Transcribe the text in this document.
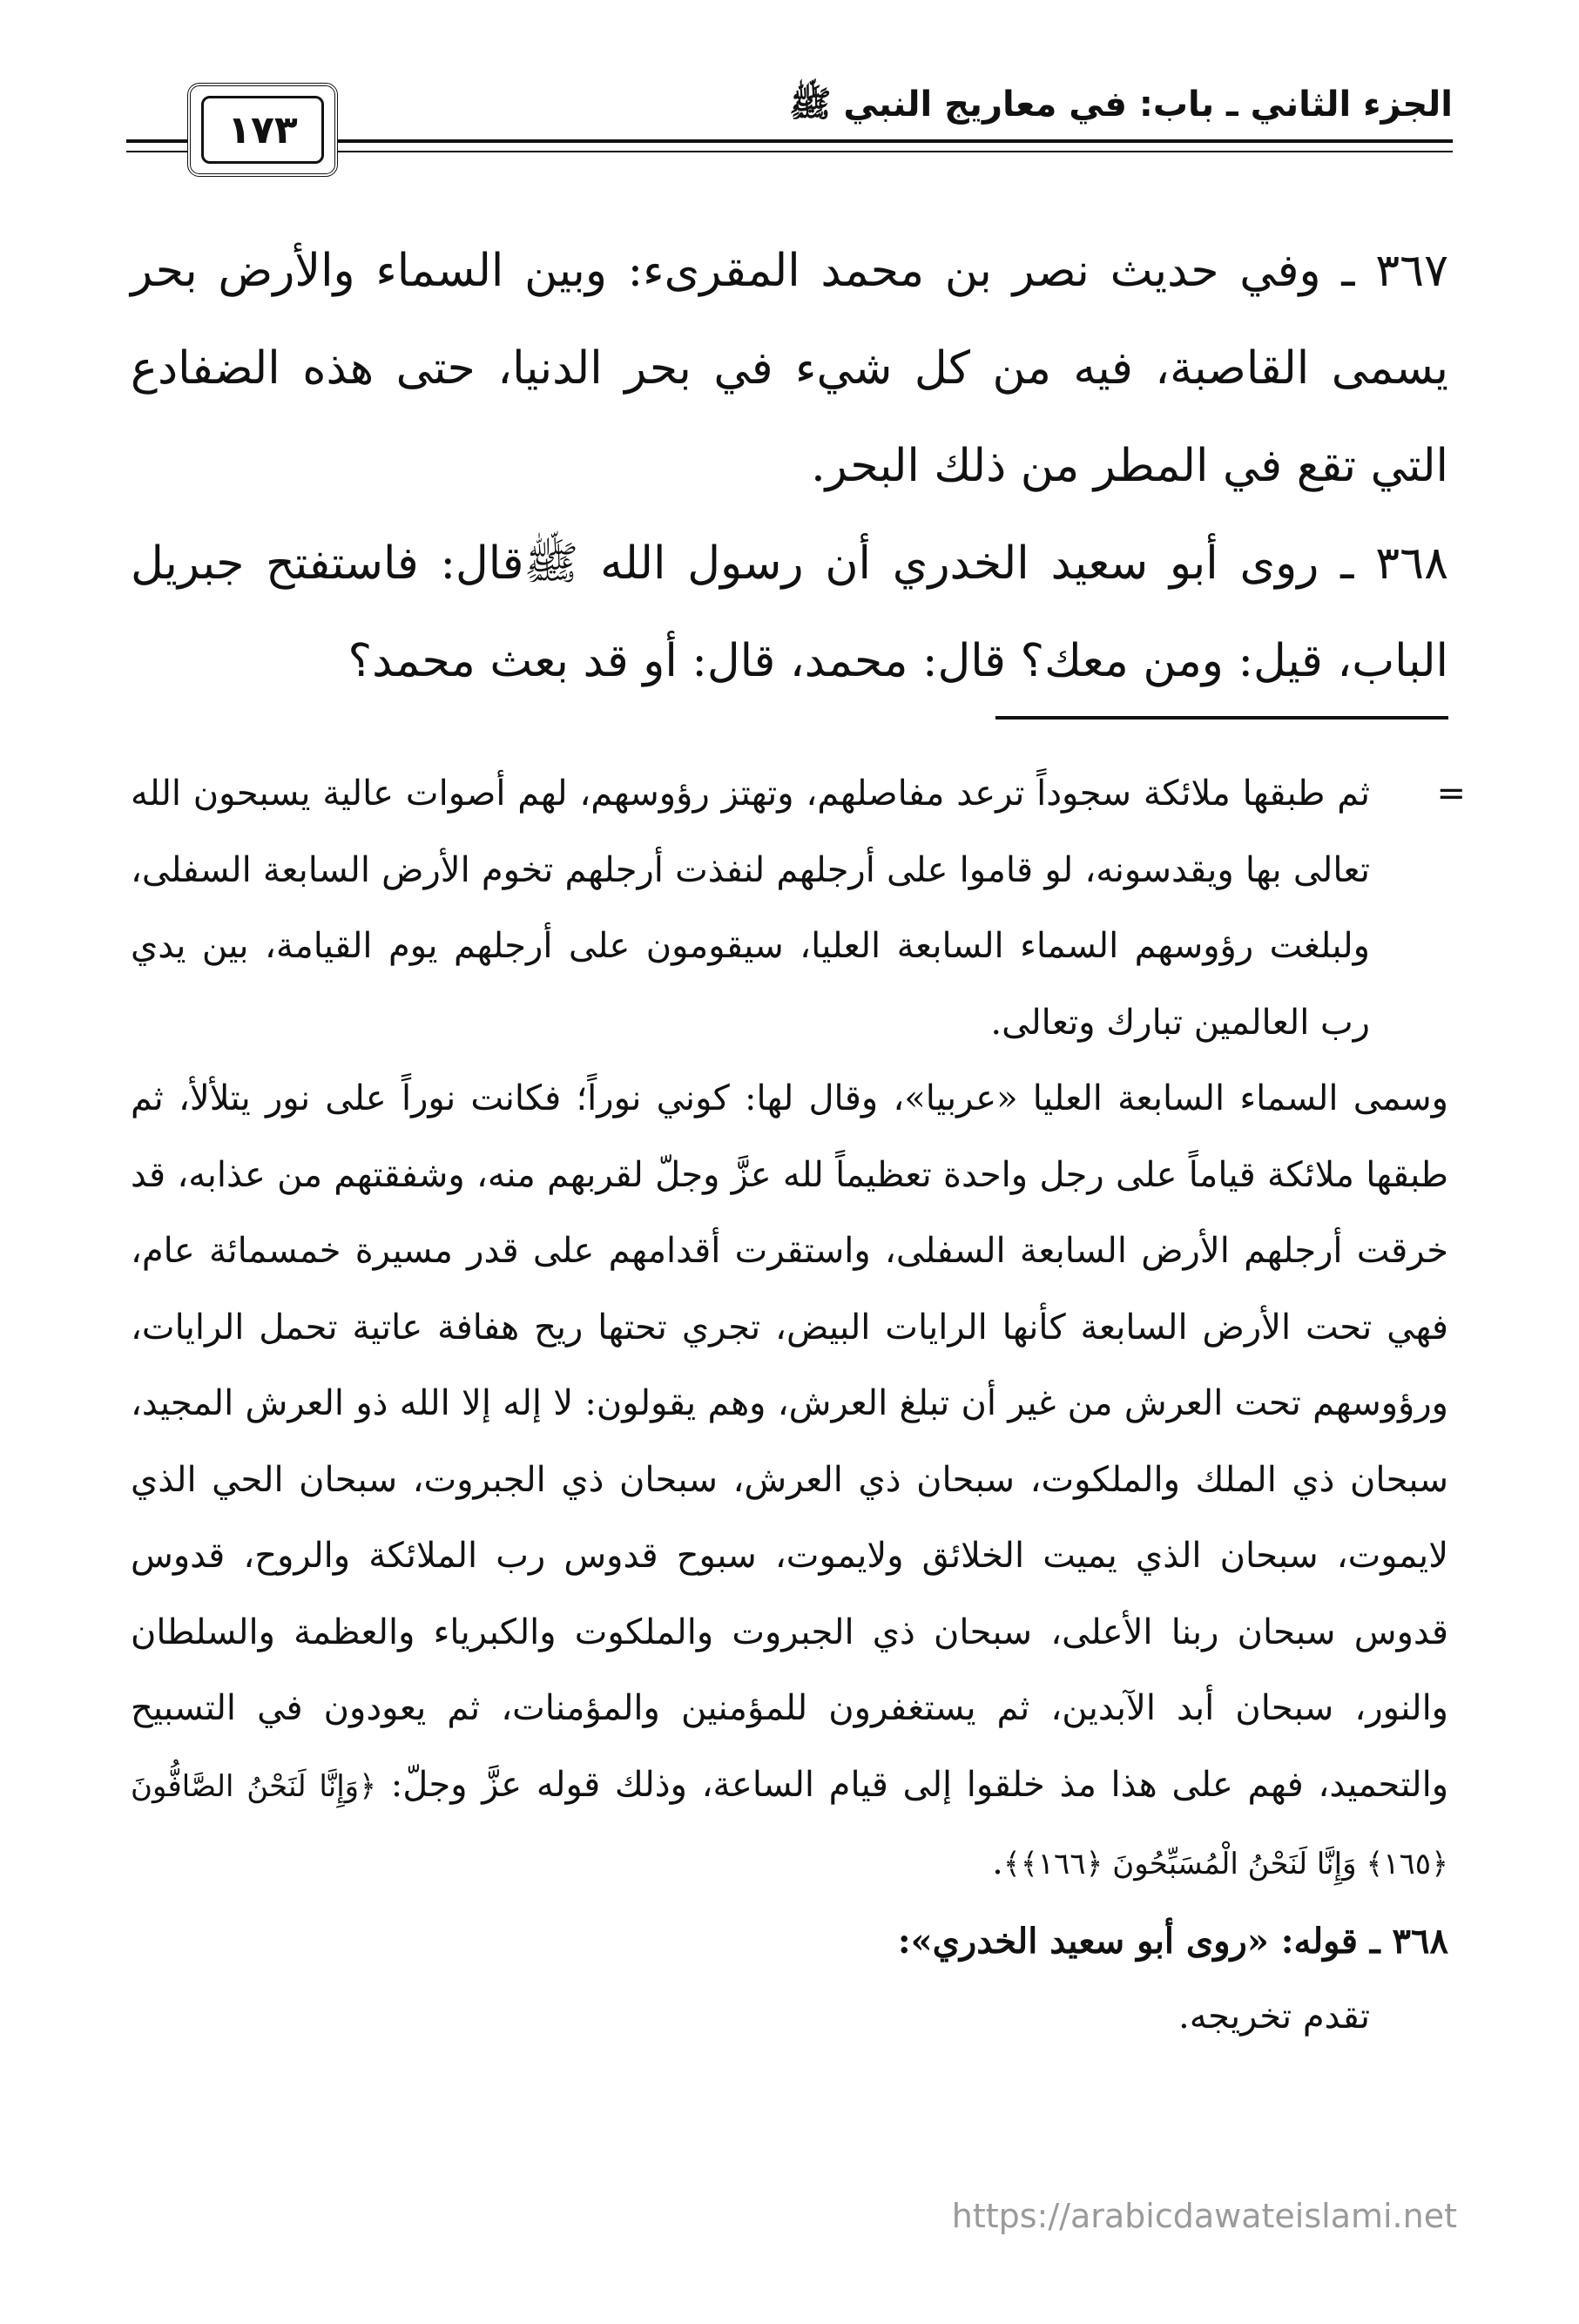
الجزء الثاني ـ باب: في معاريج النبي ﷺ
١٧٣

٣٦٧ ـ وفي حديث نصر بن محمد المقرىء: وبين السماء والأرض بحر يسمى القاصبة، فيه من كل شيء في بحر الدنيا، حتى هذه الضفادع التي تقع في المطر من ذلك البحر.

٣٦٨ ـ روى أبو سعيد الخدري أن رسول الله ﷺقال: فاستفتح جبريل الباب، قيل: ومن معك؟ قال: محمد، قال: أو قد بعث محمد؟

=

ثم طبقها ملائكة سجوداً ترعد مفاصلهم، وتهتز رؤوسهم، لهم أصوات عالية يسبحون الله تعالى بها ويقدسونه، لو قاموا على أرجلهم لنفذت أرجلهم تخوم الأرض السابعة السفلى، ولبلغت رؤوسهم السماء السابعة العليا، سيقومون على أرجلهم يوم القيامة، بين يدي رب العالمين تبارك وتعالى.

وسمى السماء السابعة العليا «عربيا»، وقال لها: كوني نوراً؛ فكانت نوراً على نور يتلألأ، ثم طبقها ملائكة قياماً على رجل واحدة تعظيماً لله عزَّ وجلّ لقربهم منه، وشفقتهم من عذابه، قد خرقت أرجلهم الأرض السابعة السفلى، واستقرت أقدامهم على قدر مسيرة خمسمائة عام، فهي تحت الأرض السابعة كأنها الرايات البيض، تجري تحتها ريح هفافة عاتية تحمل الرايات، ورؤوسهم تحت العرش من غير أن تبلغ العرش، وهم يقولون: لا إله إلا الله ذو العرش المجيد، سبحان ذي الملك والملكوت، سبحان ذي العرش، سبحان ذي الجبروت، سبحان الحي الذي لايموت، سبحان الذي يميت الخلائق ولايموت، سبوح قدوس رب الملائكة والروح، قدوس قدوس سبحان ربنا الأعلى، سبحان ذي الجبروت والملكوت والكبرياء والعظمة والسلطان والنور، سبحان أبد الآبدين، ثم يستغفرون للمؤمنين والمؤمنات، ثم يعودون في التسبيح والتحميد، فهم على هذا مذ خلقوا إلى قيام الساعة، وذلك قوله عزَّ وجلّ: ﴿وَإِنَّا لَنَحْنُ الصَّافُّونَ ﴿١٦٥﴾ وَإِنَّا لَنَحْنُ الْمُسَبِّحُونَ ﴿١٦٦﴾﴾.

٣٦٨ ـ قوله: «روى أبو سعيد الخدري»:

تقدم تخريجه.

https://arabicdawateislami.net
